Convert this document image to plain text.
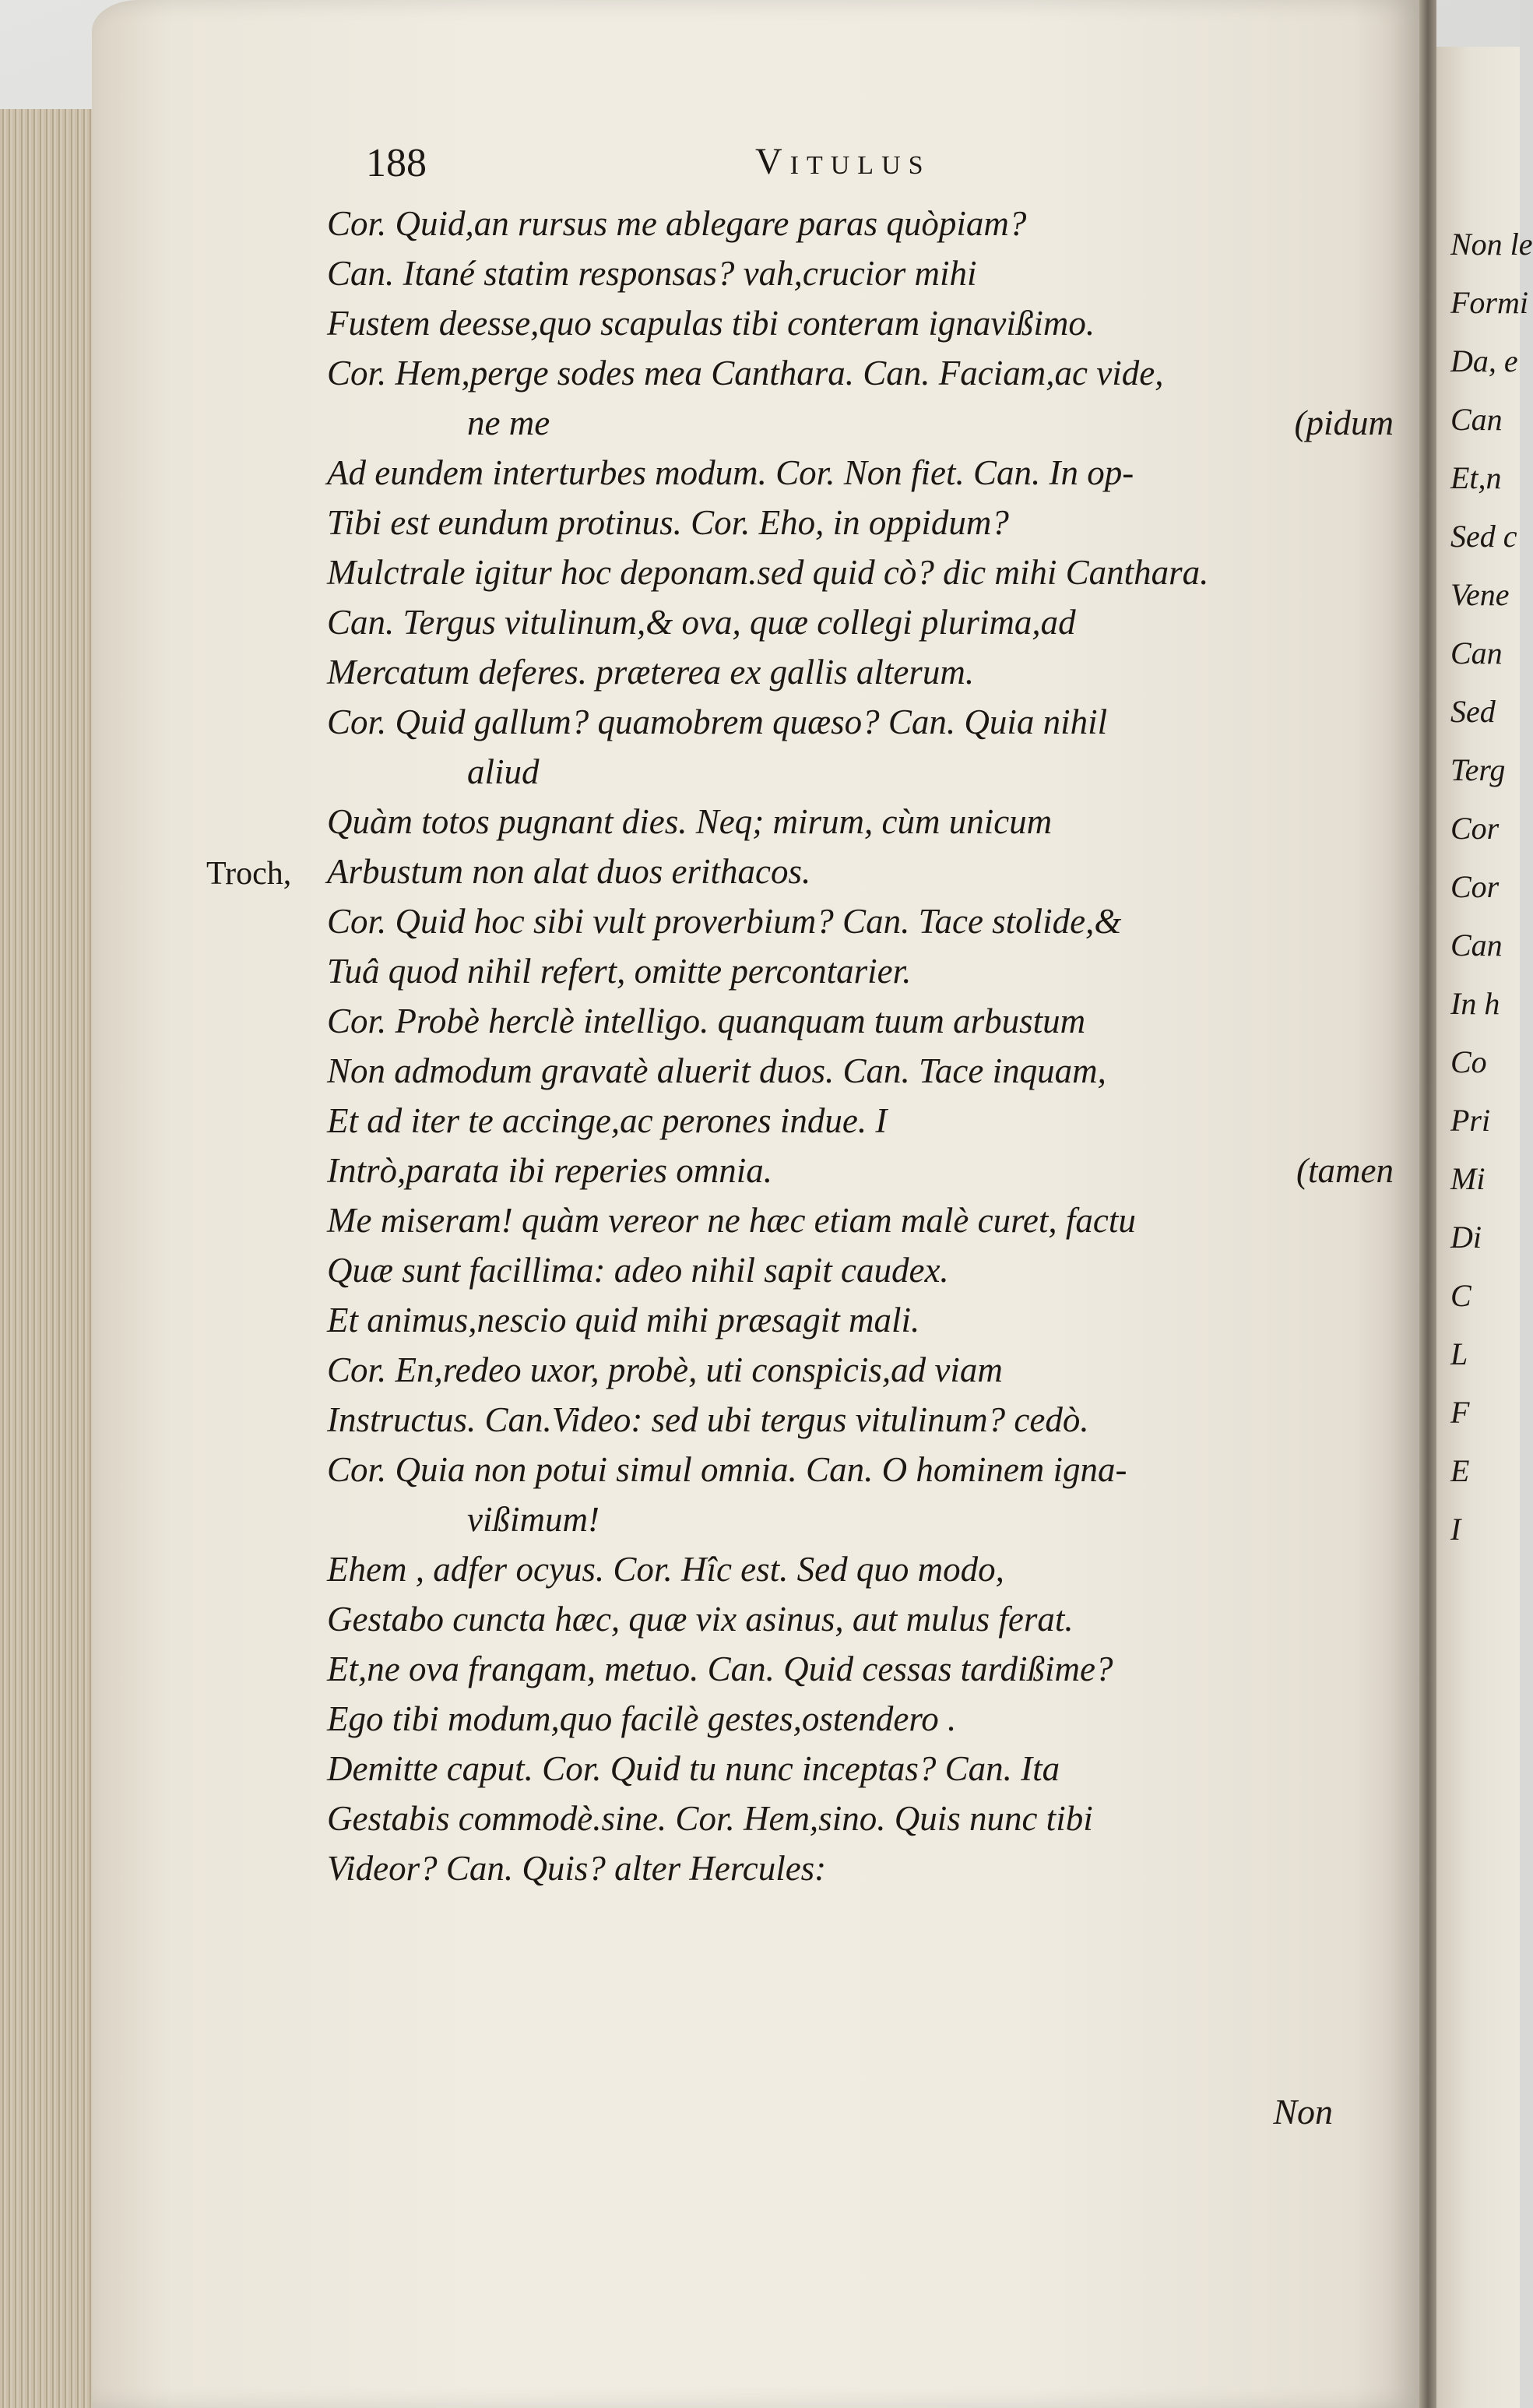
Non le
Formi
Da, e
Can
Et,n
Sed c
Vene
Can
Sed
Terg
Cor
Cor
Can
In h
Co
Pri
Mi
Di
C
L
F
E
I
188	Vitulus
Troch,
Cor. Quid,an rursus me ablegare paras quòpiam?
Can. Itané statim responsas? vah,crucior mihi
Fustem deesse,quo scapulas tibi conteram ignavißimo.
Cor. Hem,perge sodes mea Canthara. Can. Faciam,ac vide,
ne me	(pidum
Ad eundem interturbes modum. Cor. Non fiet. Can. In op-
Tibi est eundum protinus. Cor. Eho, in oppidum?
Mulctrale igitur hoc deponam.sed quid cò? dic mihi Canthara.
Can. Tergus vitulinum,& ova, quæ collegi plurima,ad
Mercatum deferes. præterea ex gallis alterum.
Cor. Quid gallum? quamobrem quæso? Can. Quia nihil
aliud
Quàm totos pugnant dies. Neq; mirum, cùm unicum
Arbustum non alat duos erithacos.
Cor. Quid hoc sibi vult proverbium? Can. Tace stolide,&
Tuâ quod nihil refert, omitte percontarier.
Cor. Probè herclè intelligo. quanquam tuum arbustum
Non admodum gravatè aluerit duos. Can. Tace inquam,
Et ad iter te accinge,ac perones indue. I
Intrò,parata ibi reperies omnia.	(tamen
Me miseram! quàm vereor ne hæc etiam malè curet, factu
Quæ sunt facillima: adeo nihil sapit caudex.
Et animus,nescio quid mihi præsagit mali.
Cor. En,redeo uxor, probè, uti conspicis,ad viam
Instructus. Can.Video: sed ubi tergus vitulinum? cedò.
Cor. Quia non potui simul omnia. Can. O hominem igna-
vißimum!
Ehem , adfer ocyus. Cor. Hîc est. Sed quo modo,
Gestabo cuncta hæc, quæ vix asinus, aut mulus ferat.
Et,ne ova frangam, metuo. Can. Quid cessas tardißime?
Ego tibi modum,quo facilè gestes,ostendero .
Demitte caput. Cor. Quid tu nunc inceptas? Can. Ita
Gestabis commodè.sine. Cor. Hem,sino. Quis nunc tibi
Videor? Can. Quis? alter Hercules:
Non
